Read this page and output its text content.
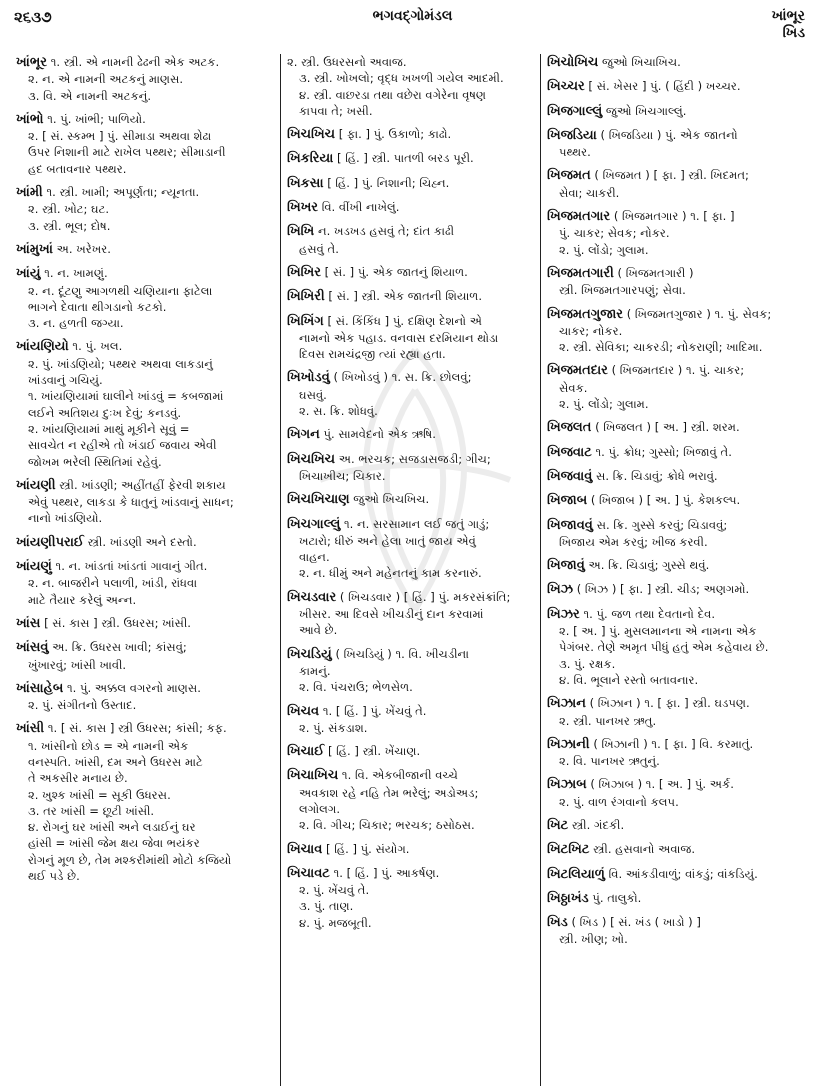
૨૬૩૭	ભગવદ્ગોમંડલ	ખાંભૂર
ખિડ
ખાંભૂર ૧. સ્ત્રી. એ નામની ઢેઢની એક અટક.
૨. ન. એ નામની અટકનું માણસ.
૩. વિ. એ નામની અટકનું.
ખાંભો ૧. પું. ખાંભી; પાળિયો.
૨. [ સં. સ્કમ્ભ ] પું. સીમાડા અથવા શેઢા
ઉપર નિશાની માટે રાખેલ પથ્થર; સીમાડાની
હદ બતાવનાર પથ્થર.
ખાંમી ૧. સ્ત્રી. ખામી; અપૂર્ણતા; ન્યૂનતા.
૨. સ્ત્રી. ખોટ; ઘટ.
૩. સ્ત્રી. ભૂલ; દોષ.
ખાંમુખાં અ. ખરેખર.
ખાંયું ૧. ન. ખામણું.
૨. ન. દૂંટણુ આગળથી ચણિયાના ફાટેલા
ભાગને દેવાતા થીગડાનો કટકો.
૩. ન. હળતી જગ્યા.
ખાંયણિયો ૧. પું. ખલ.
૨. પું. ખાંડણિયો; પથ્થર અથવા લાકડાનું
ખાંડવાનું ગચિયું.
૧. ખાંયણિયામાં ઘાલીને ખાંડવું = કબજામાં
લઈને અતિશય દુઃખ દેવું; કનડવું.
૨. ખાંયણિયામાં માથું મૂકીને સૂવું =
સાવચેત ન રહીએ તો ખંડાઈ જવાય એવી
જોખમ ભરેલી સ્થિતિમાં રહેવું.
ખાંયણી સ્ત્રી. ખાંડણી; અહીંતહીં ફેરવી શકાય
એવું પથ્થર, લાકડા કે ધાતુનું ખાંડવાનું સાધન;
નાનો ખાંડણિયો.
ખાંયણીપરાઈ સ્ત્રી. ખાંડણી અને દસ્તો.
ખાંયણું ૧. ન. ખાંડતાં ખાંડતાં ગાવાનું ગીત.
૨. ન. બાજરીને પલાળી, ખાંડી, રાંધવા
માટે તૈયાર કરેલું અન્ન.
ખાંસ [ સં. કાસ ] સ્ત્રી. ઉધરસ; ખાંસી.
ખાંસવું અ. ક્રિ. ઉધરસ ખાવી; કાંસવું;
ખુંખારવું; ખાંસી ખાવી.
ખાંસાહેબ ૧. પું. અક્કલ વગરનો માણસ.
૨. પું. સંગીતનો ઉસ્તાદ.
ખાંસી ૧. [ સં. કાસ ] સ્ત્રી ઉધરસ; કાંસી; કફ.
૧. ખાંસીનો છોડ = એ નામની એક
વનસ્પતિ. ખાંસી, દમ અને ઉધરસ માટે
તે અકસીર મનાય છે.
૨. ખુશ્ક ખાંસી = સૂકી ઉધરસ.
૩. તર ખાંસી = છૂટી ખાંસી.
૪. રોગનું ઘર ખાંસી અને લડાઈનું ઘર
હાંસી = ખાંસી જેમ ક્ષય જેવા ભયંકર
રોગનું મૂળ છે, તેમ મશ્કરીમાંથી મોટો કજિયો
થઈ પડે છે.
૨. સ્ત્રી. ઉધરસનો અવાજ.
૩. સ્ત્રી. ખોખલો; વૃદ્ધ ખખળી ગયેલ આદમી.
૪. સ્ત્રી. વાછરડા તથા વછેરા વગેરેના વૃષણ
કાપવા તે; ખસી.
ખિચખિચ [ ફા. ] પું. ઉકાળો; કાઢો.
ખિકરિયા [ હિં. ] સ્ત્રી. પાતળી બરડ પૂરી.
ખિકસા [ હિં. ] પું. નિશાની; ચિહ્ન.
ખિખર વિ. વીંખી નાખેલું.
ખિખિ ન. ખડખડ હસવું તે; દાંત કાઢી
હસવું તે.
ખિખિર [ સં. ] પું. એક જાતનું શિયાળ.
ખિખિરી [ સં. ] સ્ત્રી. એક જાતની શિયાળ.
ખિખિંગ [ સં. કિંકિંધ ] પું. દક્ષિણ દેશનો એ
નામનો એક પહાડ. વનવાસ દરમિયાન થોડા
દિવસ રામચંદ્રજી ત્યાં રહ્યા હતા.
ખિખોડવું ( ખિખોડવું ) ૧. સ. ક્રિ. છોલવું;
ઘસવું.
૨. સ. ક્રિ. શોધવું.
ખિગન પું. સામવેદનો એક ઋષિ.
ખિચખિચ અ. ભરચક; સજડાસજડી; ગીચ;
ખિચાખીચ; ચિકાર.
ખિચખિચાણ જુઓ ખિચખિચ.
ખિચગાલ્લું ૧. ન. સરસામાન લઈ જતું ગાડું;
ખટારો; ધીરું અને હેલા ખાતું જાય એવું
વાહન.
૨. ન. ધીમું અને મહેનતનું કામ કરનારું.
ખિચડવાર ( ખિચડવાર ) [ હિં. ] પું. મકરસંક્રાંતિ;
ખીસર. આ દિવસે ખીચડીનું દાન કરવામાં
આવે છે.
ખિચડિયું ( ખિચડિયું ) ૧. વિ. ખીચડીના
કામનું.
૨. વિ. પંચરાઉ; ભેળસેળ.
ખિચવ ૧. [ હિં. ] પું. ખેંચવું તે.
૨. પું. સંકડાશ.
ખિચાઈ [ હિં. ] સ્ત્રી. ખેંચાણ.
ખિચાખિચ ૧. વિ. એકબીજાની વચ્ચે
અવકાશ રહે નહિ તેમ ભરેલું; અડોઅડ;
લગોલગ.
૨. વિ. ગીચ; ચિકાર; ભરચક; ઠસોઠસ.
ખિચાવ [ હિં. ] પું. સંયોગ.
ખિચાવટ ૧. [ હિં. ] પું. આકર્ષણ.
૨. પું. ખેંચવું તે.
૩. પું. તાણ.
૪. પું. મજબૂતી.
ખિચોખિચ જુઓ ખિચાખિચ.
ખિચ્ચર [ સં. ખેસર ] પું. ( હિંદી ) ખચ્ચર.
ખિજગાલ્લું જુઓ ખિચગાલ્લું.
ખિજડિયા ( ખિજડિયા ) પું. એક જાતનો
પથ્થર.
ખિજમત ( ખિજમત ) [ ફા. ] સ્ત્રી. ખિદમત;
સેવા; ચાકરી.
ખિજમતગાર ( ખિજમતગાર ) ૧. [ ફા. ]
પું. ચાકર; સેવક; નોકર.
૨. પું. લોંડો; ગુલામ.
ખિજમતગારી ( ખિજમતગારી )
સ્ત્રી. ખિજમતગારપણું; સેવા.
ખિજમતગુજાર ( ખિજમતગુજાર ) ૧. પું. સેવક;
ચાકર; નોકર.
૨. સ્ત્રી. સેવિકા; ચાકરડી; નોકરાણી; ખાદિમા.
ખિજમતદાર ( ખિજમતદાર ) ૧. પું. ચાકર;
સેવક.
૨. પું. લોંડો; ગુલામ.
ખિજલત ( ખિજલત ) [ અ. ] સ્ત્રી. શરમ.
ખિજવાટ ૧. પું. ક્રોધ; ગુસ્સો; ખિજાવું તે.
ખિજવાવું સ. ક્રિ. ચિડાવું; ક્રોધે ભરાવું.
ખિજાબ ( ખિજાબ ) [ અ. ] પું. કેશકલ્પ.
ખિજાવવું સ. ક્રિ. ગુસ્સે કરવું; ચિડાવવું;
ખિજાય એમ કરવું; ખીજ કરવી.
ખિજાવું અ. ક્રિ. ચિડાવું; ગુસ્સે થવું.
ખિઝ ( ખિઝ ) [ ફા. ] સ્ત્રી. ચીડ; અણગમો.
ખિઝર ૧. પું. જળ તથા દેવતાનો દેવ.
૨. [ અ. ] પું. મુસલમાનના એ નામના એક
પેગંબર. તેણે અમૃત પીધું હતું એમ કહેવાય છે.
૩. પું. રક્ષક.
૪. વિ. ભૂલાને રસ્તો બતાવનાર.
ખિઝાન ( ખિઝાન ) ૧. [ ફા. ] સ્ત્રી. ઘડપણ.
૨. સ્ત્રી. પાનખર ઋતુ.
ખિઝાની ( ખિઝાની ) ૧. [ ફા. ] વિ. કરમાતું.
૨. વિ. પાનખર ઋતુનું.
ખિઝાબ ( ખિઝાબ ) ૧. [ અ. ] પું. અર્ક.
૨. પું. વાળ રંગવાનો કલપ.
ખિટ સ્ત્રી. ગંદકી.
ખિટખિટ સ્ત્રી. હસવાનો અવાજ.
ખિટલિયાળું વિ. આંકડીવાળું; વાંકડું; વાંકડિયું.
ખિઠ્ઠાખંડ પું. તાલુકો.
ખિડ ( ખિડ ) [ સં. ખંડ ( ખાડો ) ]
સ્ત્રી. ખીણ; ખો.
